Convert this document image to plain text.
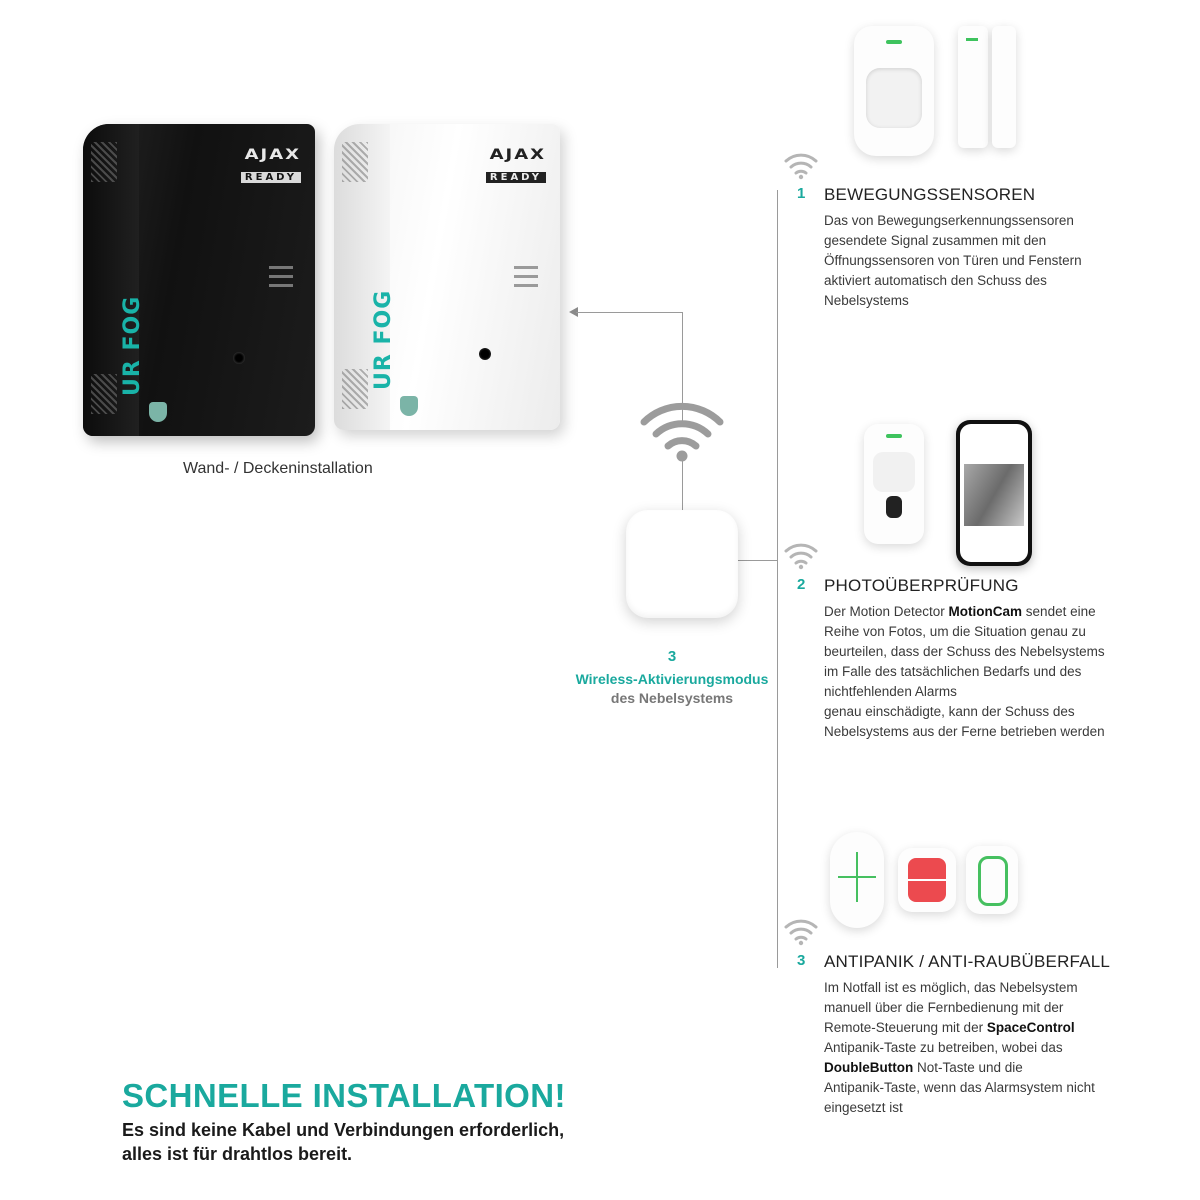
AJAX
READY
UR FOG
AJAX
READY
UR FOG
Wand- / Deckeninstallation
3
Wireless-Aktivierungsmodus
des Nebelsystems
1 BEWEGUNGSSENSOREN
Das von Bewegungserkennungssensoren
gesendete Signal zusammen mit den
Öffnungssensoren von Türen und Fenstern
aktiviert automatisch den Schuss des
Nebelsystems
2 PHOTOÜBERPRÜFUNG
Der Motion Detector MotionCam sendet eine
Reihe von Fotos, um die Situation genau zu
beurteilen, dass der Schuss des Nebelsystems
im Falle des tatsächlichen Bedarfs und des
nichtfehlenden Alarms
genau einschädigte, kann der Schuss des
Nebelsystems aus der Ferne betrieben werden
3 ANTIPANIK / ANTI-RAUBÜBERFALL
Im Notfall ist es möglich, das Nebelsystem
manuell über die Fernbedienung mit der
Remote-Steuerung mit der SpaceControl
Antipanik-Taste zu betreiben, wobei das
DoubleButton Not-Taste und die
Antipanik-Taste, wenn das Alarmsystem nicht
eingesetzt ist
SCHNELLE INSTALLATION!
Es sind keine Kabel und Verbindungen erforderlich,
alles ist für drahtlos bereit.
